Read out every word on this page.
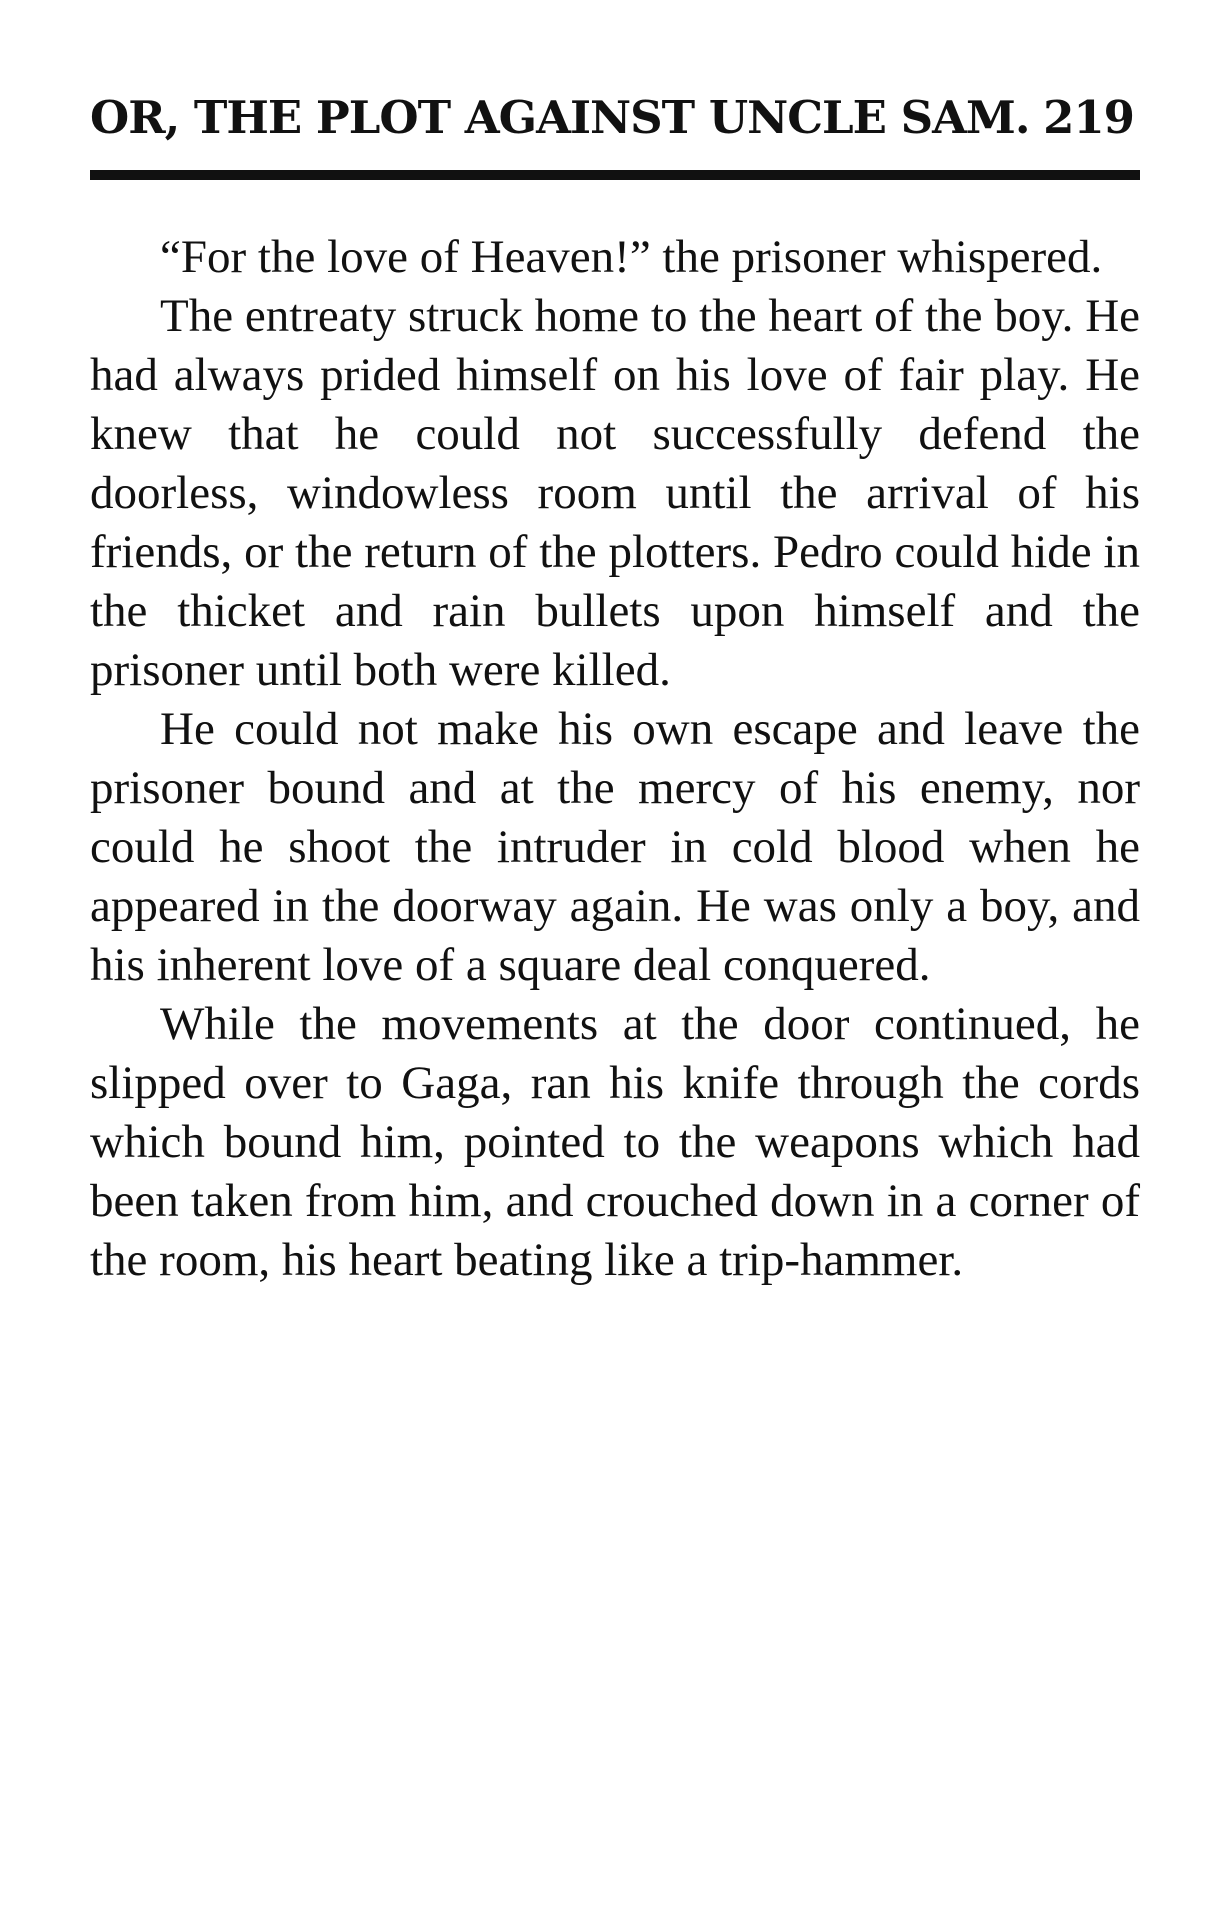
OR, THE PLOT AGAINST UNCLE SAM. 219

“For the love of Heaven!” the prisoner whispered.

The entreaty struck home to the heart of the boy. He had always prided himself on his love of fair play. He knew that he could not successfully defend the doorless, windowless room until the arrival of his friends, or the return of the plotters. Pedro could hide in the thicket and rain bullets upon himself and the prisoner until both were killed.

He could not make his own escape and leave the prisoner bound and at the mercy of his enemy, nor could he shoot the intruder in cold blood when he appeared in the doorway again. He was only a boy, and his inherent love of a square deal conquered.

While the movements at the door continued, he slipped over to Gaga, ran his knife through the cords which bound him, pointed to the weapons which had been taken from him, and crouched down in a corner of the room, his heart beating like a trip-hammer.
